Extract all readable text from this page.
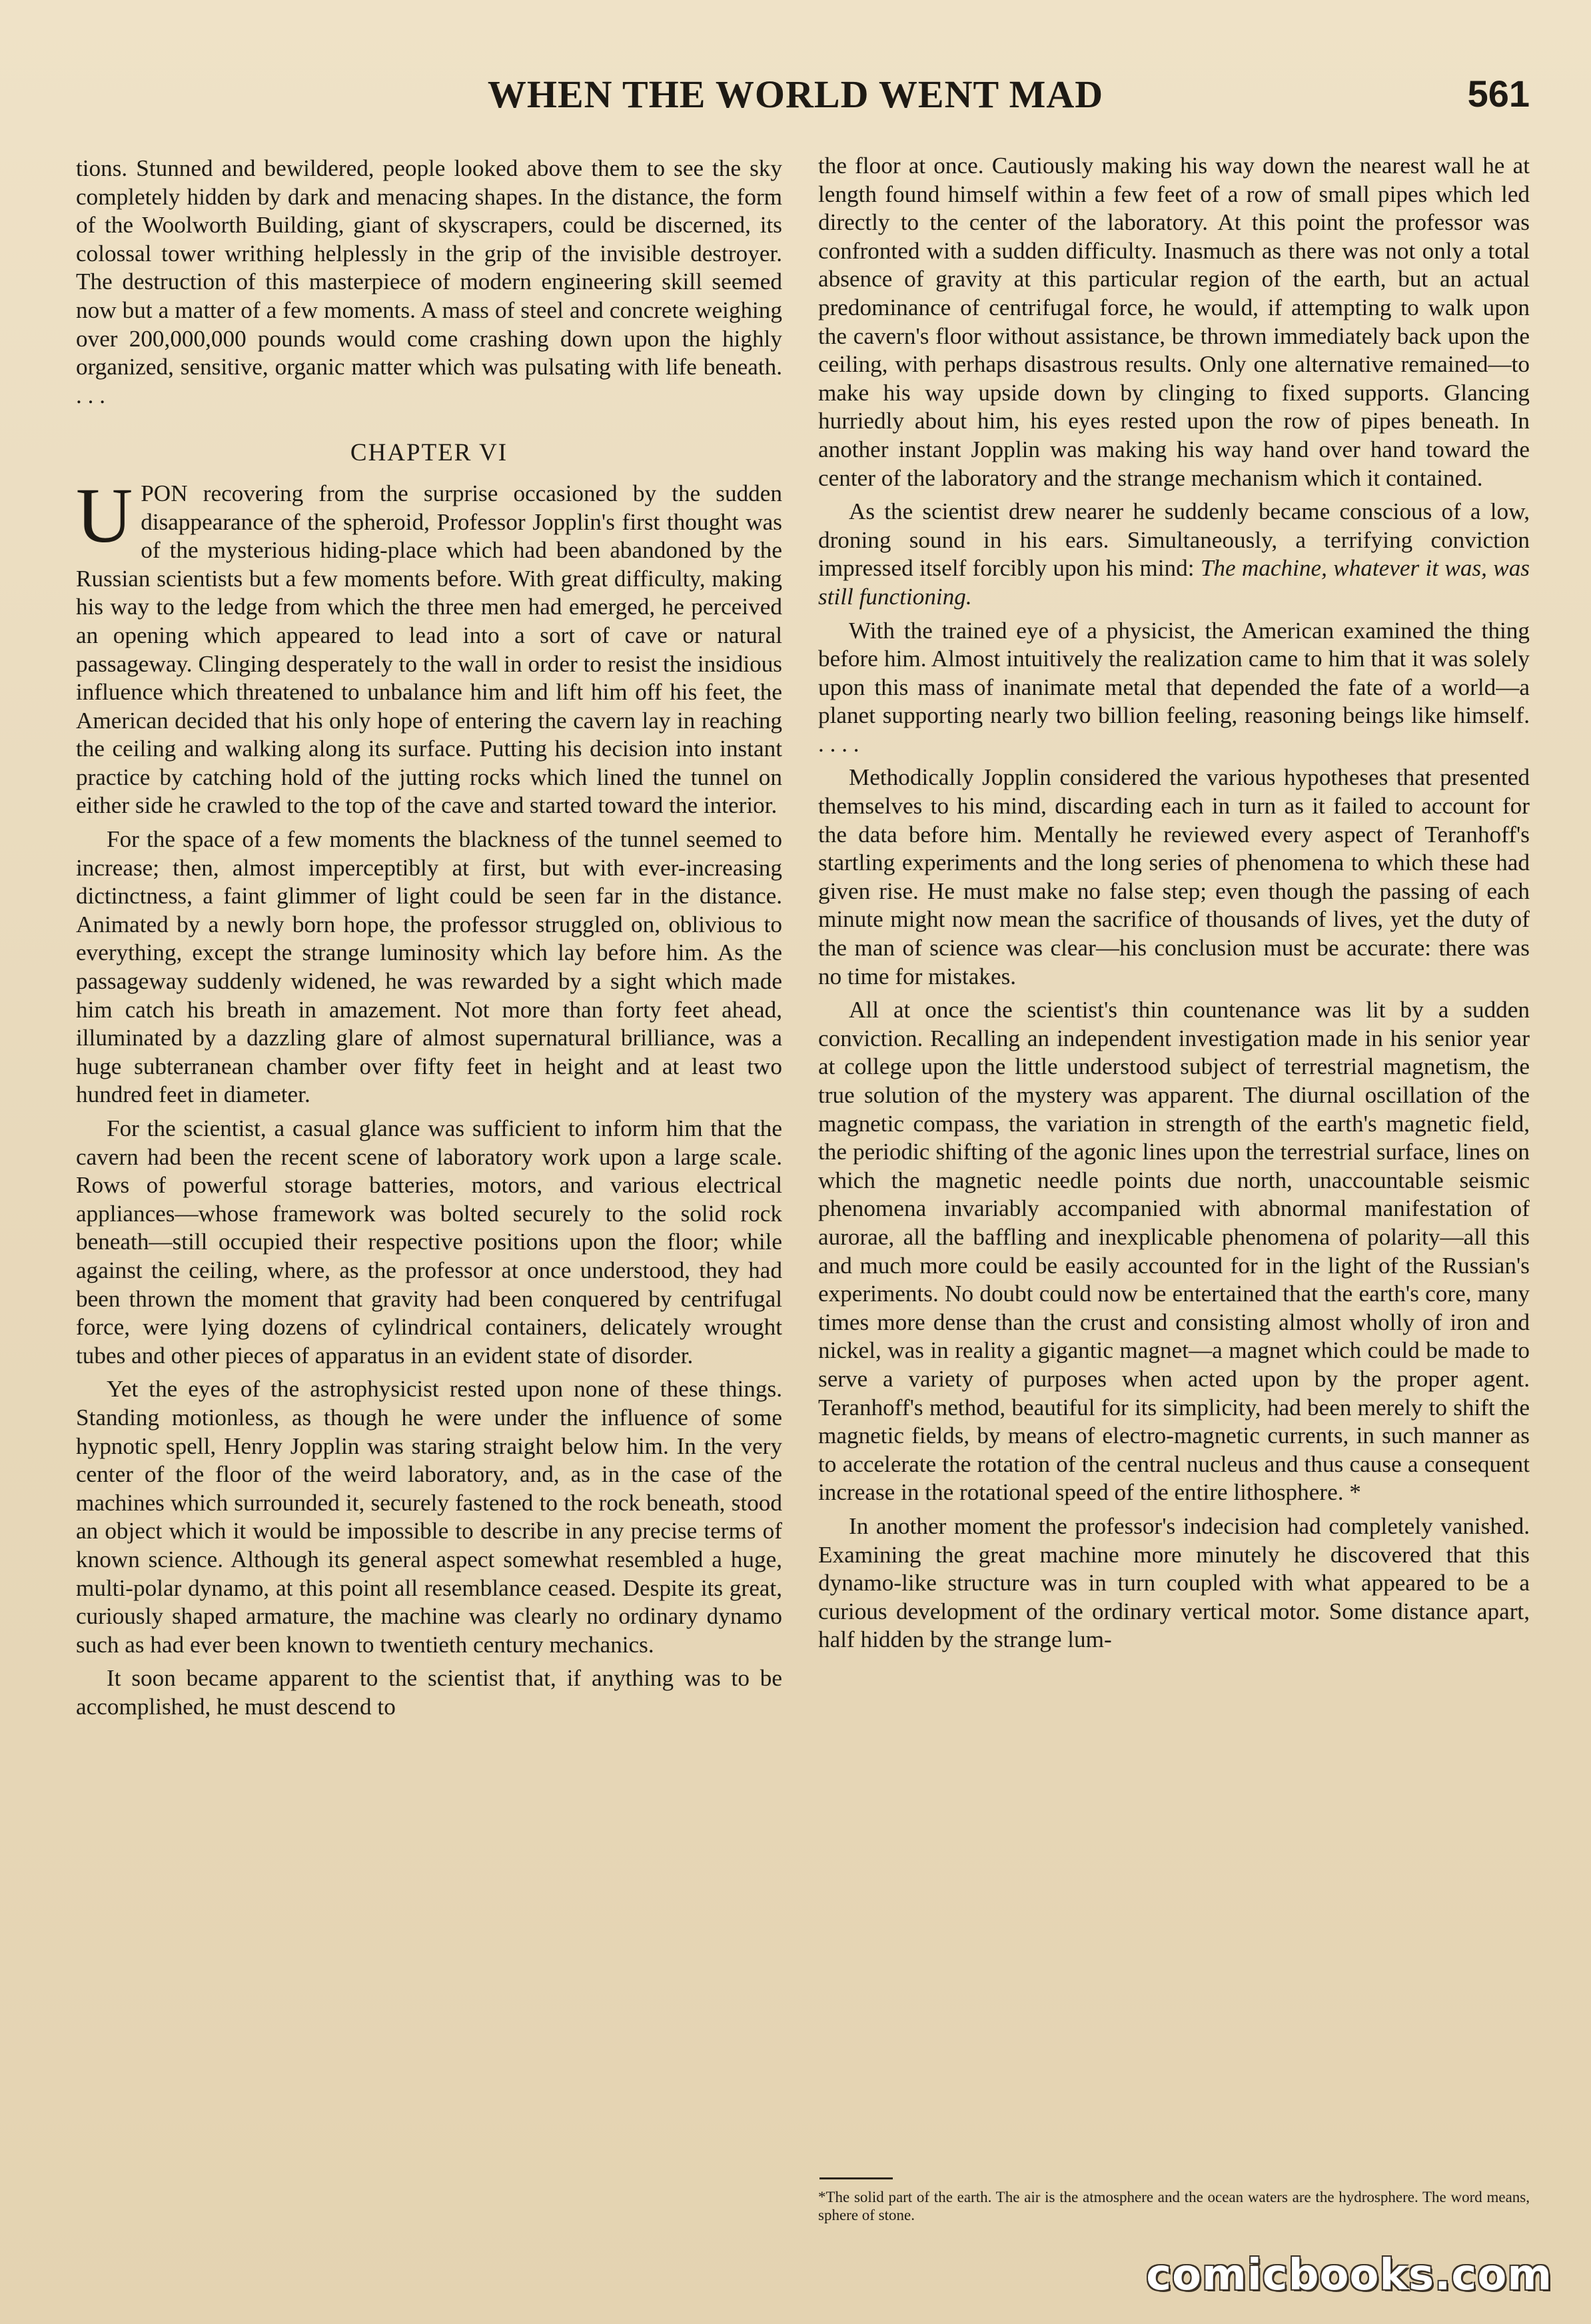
WHEN THE WORLD WENT MAD	561

tions. Stunned and bewildered, people looked above them to see the sky completely hidden by dark and menacing shapes. In the distance, the form of the Woolworth Building, giant of skyscrapers, could be discerned, its colossal tower writhing helplessly in the grip of the invisible destroyer. The destruction of this masterpiece of modern engineering skill seemed now but a matter of a few moments. A mass of steel and concrete weighing over 200,000,000 pounds would come crashing down upon the highly organized, sensitive, organic matter which was pulsating with life beneath. . . .

CHAPTER VI

UPON recovering from the surprise occasioned by the sudden disappearance of the spheroid, Professor Jopplin's first thought was of the mysterious hiding-place which had been abandoned by the Russian scientists but a few moments before. With great difficulty, making his way to the ledge from which the three men had emerged, he perceived an opening which appeared to lead into a sort of cave or natural passageway. Clinging desperately to the wall in order to resist the insidious influence which threatened to unbalance him and lift him off his feet, the American decided that his only hope of entering the cavern lay in reaching the ceiling and walking along its surface. Putting his decision into instant practice by catching hold of the jutting rocks which lined the tunnel on either side he crawled to the top of the cave and started toward the interior.

For the space of a few moments the blackness of the tunnel seemed to increase; then, almost imperceptibly at first, but with ever-increasing dictinctness, a faint glimmer of light could be seen far in the distance. Animated by a newly born hope, the professor struggled on, oblivious to everything, except the strange luminosity which lay before him. As the passageway suddenly widened, he was rewarded by a sight which made him catch his breath in amazement. Not more than forty feet ahead, illuminated by a dazzling glare of almost supernatural brilliance, was a huge subterranean chamber over fifty feet in height and at least two hundred feet in diameter.

For the scientist, a casual glance was sufficient to inform him that the cavern had been the recent scene of laboratory work upon a large scale. Rows of powerful storage batteries, motors, and various electrical appliances—whose framework was bolted securely to the solid rock beneath—still occupied their respective positions upon the floor; while against the ceiling, where, as the professor at once understood, they had been thrown the moment that gravity had been conquered by centrifugal force, were lying dozens of cylindrical containers, delicately wrought tubes and other pieces of apparatus in an evident state of disorder.

Yet the eyes of the astrophysicist rested upon none of these things. Standing motionless, as though he were under the influence of some hypnotic spell, Henry Jopplin was staring straight below him. In the very center of the floor of the weird laboratory, and, as in the case of the machines which surrounded it, securely fastened to the rock beneath, stood an object which it would be impossible to describe in any precise terms of known science. Although its general aspect somewhat resembled a huge, multi-polar dynamo, at this point all resemblance ceased. Despite its great, curiously shaped armature, the machine was clearly no ordinary dynamo such as had ever been known to twentieth century mechanics.

It soon became apparent to the scientist that, if anything was to be accomplished, he must descend to

the floor at once. Cautiously making his way down the nearest wall he at length found himself within a few feet of a row of small pipes which led directly to the center of the laboratory. At this point the professor was confronted with a sudden difficulty. Inasmuch as there was not only a total absence of gravity at this particular region of the earth, but an actual predominance of centrifugal force, he would, if attempting to walk upon the cavern's floor without assistance, be thrown immediately back upon the ceiling, with perhaps disastrous results. Only one alternative remained—to make his way upside down by clinging to fixed supports. Glancing hurriedly about him, his eyes rested upon the row of pipes beneath. In another instant Jopplin was making his way hand over hand toward the center of the laboratory and the strange mechanism which it contained.

As the scientist drew nearer he suddenly became conscious of a low, droning sound in his ears. Simultaneously, a terrifying conviction impressed itself forcibly upon his mind: The machine, whatever it was, was still functioning.

With the trained eye of a physicist, the American examined the thing before him. Almost intuitively the realization came to him that it was solely upon this mass of inanimate metal that depended the fate of a world—a planet supporting nearly two billion feeling, reasoning beings like himself. . . . .

Methodically Jopplin considered the various hypotheses that presented themselves to his mind, discarding each in turn as it failed to account for the data before him. Mentally he reviewed every aspect of Teranhoff's startling experiments and the long series of phenomena to which these had given rise. He must make no false step; even though the passing of each minute might now mean the sacrifice of thousands of lives, yet the duty of the man of science was clear—his conclusion must be accurate: there was no time for mistakes.

All at once the scientist's thin countenance was lit by a sudden conviction. Recalling an independent investigation made in his senior year at college upon the little understood subject of terrestrial magnetism, the true solution of the mystery was apparent. The diurnal oscillation of the magnetic compass, the variation in strength of the earth's magnetic field, the periodic shifting of the agonic lines upon the terrestrial surface, lines on which the magnetic needle points due north, unaccountable seismic phenomena invariably accompanied with abnormal manifestation of aurorae, all the baffling and inexplicable phenomena of polarity—all this and much more could be easily accounted for in the light of the Russian's experiments. No doubt could now be entertained that the earth's core, many times more dense than the crust and consisting almost wholly of iron and nickel, was in reality a gigantic magnet—a magnet which could be made to serve a variety of purposes when acted upon by the proper agent. Teranhoff's method, beautiful for its simplicity, had been merely to shift the magnetic fields, by means of electro-magnetic currents, in such manner as to accelerate the rotation of the central nucleus and thus cause a consequent increase in the rotational speed of the entire lithosphere. *

In another moment the professor's indecision had completely vanished. Examining the great machine more minutely he discovered that this dynamo-like structure was in turn coupled with what appeared to be a curious development of the ordinary vertical motor. Some distance apart, half hidden by the strange lum-

*The solid part of the earth. The air is the atmosphere and the ocean waters are the hydrosphere. The word means, sphere of stone.
comicbooks.com
